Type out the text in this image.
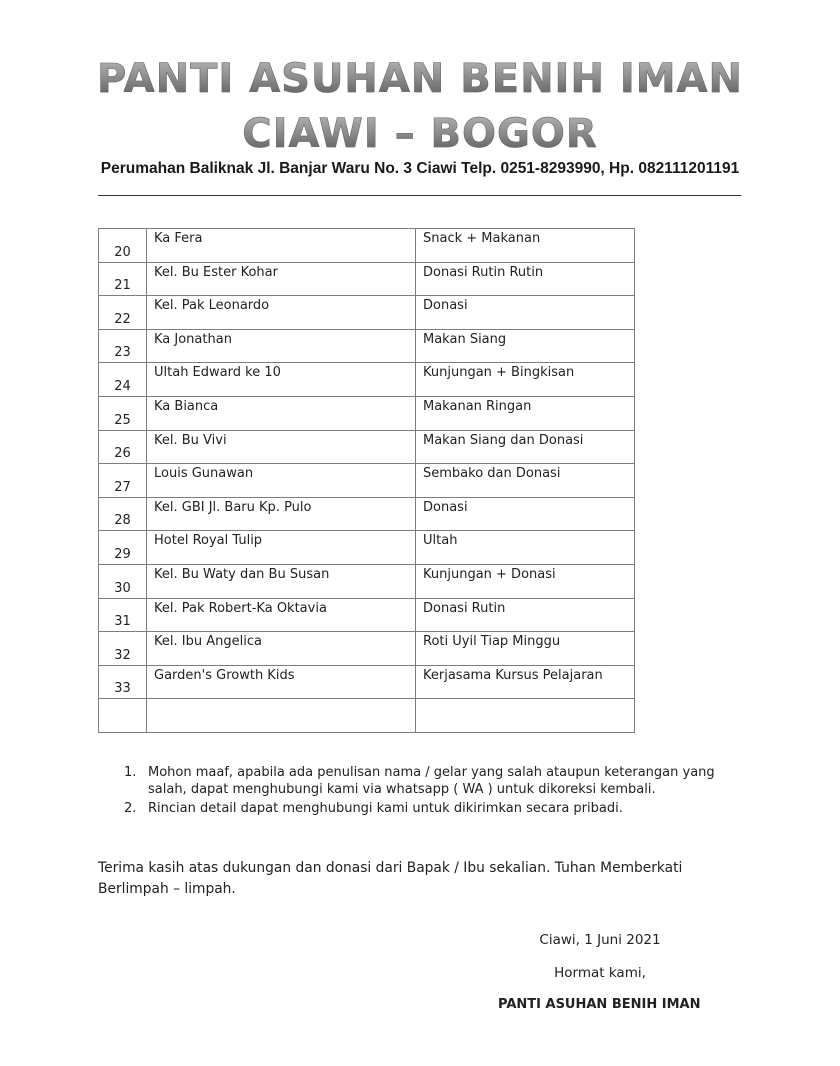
PANTI ASUHAN BENIH IMAN
CIAWI – BOGOR
Perumahan Baliknak Jl. Banjar Waru No. 3 Ciawi Telp. 0251-8293990, Hp. 082111201191
20	Ka Fera	Snack + Makanan
21	Kel. Bu Ester Kohar	Donasi Rutin Rutin
22	Kel. Pak Leonardo	Donasi
23	Ka Jonathan	Makan Siang
24	Ultah Edward ke 10	Kunjungan + Bingkisan
25	Ka Bianca	Makanan Ringan
26	Kel. Bu Vivi	Makan Siang dan Donasi
27	Louis Gunawan	Sembako dan Donasi
28	Kel. GBI Jl. Baru Kp. Pulo	Donasi
29	Hotel Royal Tulip	Ultah
30	Kel. Bu Waty dan Bu Susan	Kunjungan + Donasi
31	Kel. Pak Robert-Ka Oktavia	Donasi Rutin
32	Kel. Ibu Angelica	Roti Uyil Tiap Minggu
33	Garden's Growth Kids	Kerjasama Kursus Pelajaran

1. Mohon maaf, apabila ada penulisan nama / gelar yang salah ataupun keterangan yang salah, dapat menghubungi kami via whatsapp ( WA ) untuk dikoreksi kembali.
2. Rincian detail dapat menghubungi kami untuk dikirimkan secara pribadi.
Terima kasih atas dukungan dan donasi dari Bapak / Ibu sekalian. Tuhan Memberkati Berlimpah – limpah.
Ciawi, 1 Juni 2021
Hormat kami,
PANTI ASUHAN BENIH IMAN
